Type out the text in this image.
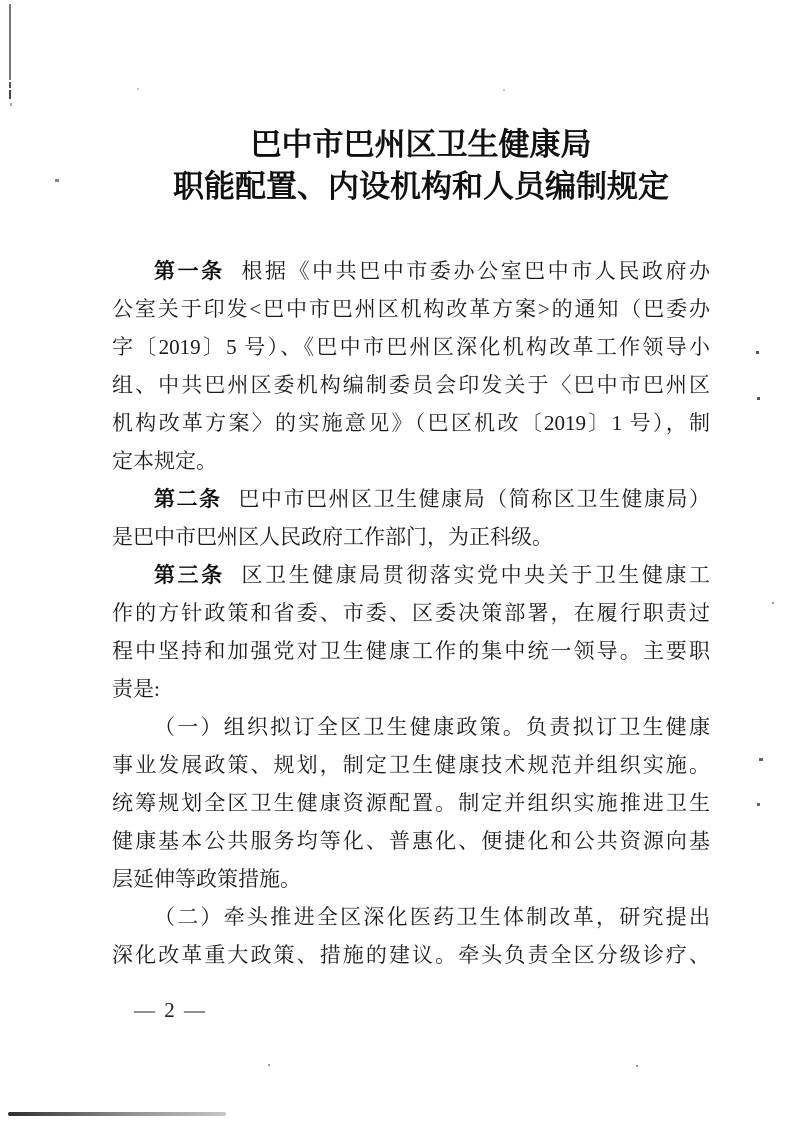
巴中市巴州区卫生健康局
职能配置、内设机构和人员编制规定
第一条 根据《中共巴中市委办公室巴中市人民政府办
公室关于印发<巴中市巴州区机构改革方案>的通知（巴委办
字〔2019〕5 号）、《巴中市巴州区深化机构改革工作领导小
组、中共巴州区委机构编制委员会印发关于〈巴中市巴州区
机构改革方案〉的实施意见》（巴区机改〔2019〕1 号），制
定本规定。
第二条 巴中市巴州区卫生健康局（简称区卫生健康局）
是巴中市巴州区人民政府工作部门，为正科级。
第三条 区卫生健康局贯彻落实党中央关于卫生健康工
作的方针政策和省委、市委、区委决策部署，在履行职责过
程中坚持和加强党对卫生健康工作的集中统一领导。主要职
责是:
（一）组织拟订全区卫生健康政策。负责拟订卫生健康
事业发展政策、规划，制定卫生健康技术规范并组织实施。
统筹规划全区卫生健康资源配置。制定并组织实施推进卫生
健康基本公共服务均等化、普惠化、便捷化和公共资源向基
层延伸等政策措施。
（二）牵头推进全区深化医药卫生体制改革，研究提出
深化改革重大政策、措施的建议。牵头负责全区分级诊疗、
— 2 —
